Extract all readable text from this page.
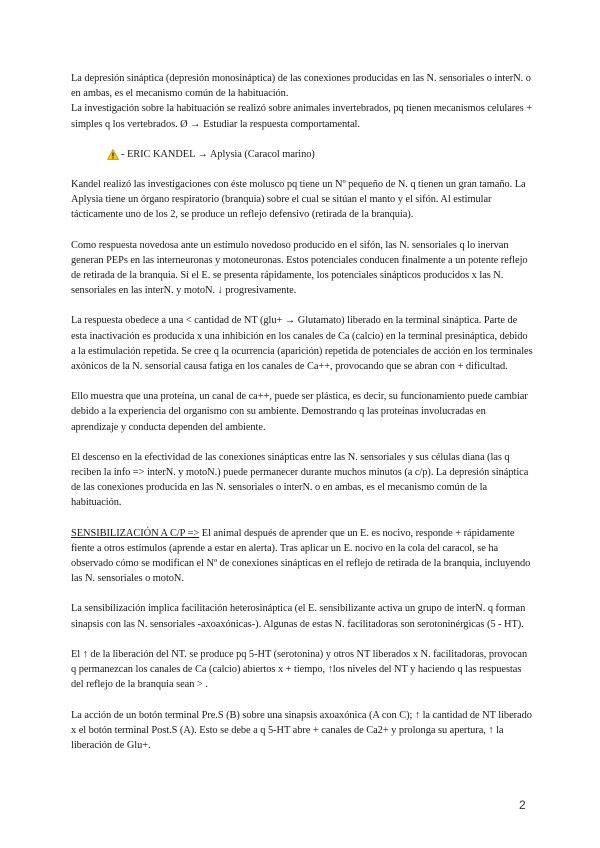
La depresión sináptica (depresión monosináptica) de las conexiones producidas en las N. sensoriales o interN. o en ambas, es el mecanismo común de la habituación.
La investigación sobre la habituación se realizó sobre animales invertebrados, pq tienen mecanismos celulares + simples q los vertebrados. Ø → Estudiar la respuesta comportamental.

- ERIC KANDEL → Aplysia (Caracol marino)

Kandel realizó las investigaciones con éste molusco pq tiene un Nº pequeño de N. q tienen un gran tamaño. La Aplysia tiene un órgano respiratorio (branquia) sobre el cual se sitúan el manto y el sifón. Al estimular tácticamente uno de los 2, se produce un reflejo defensivo (retirada de la branquia).

Como respuesta novedosa ante un estímulo novedoso producido en el sifón, las N. sensoriales q lo inervan generan PEPs en las interneuronas y motoneuronas. Estos potenciales conducen finalmente a un potente reflejo de retirada de la branquia. Si el E. se presenta rápidamente, los potenciales sinápticos producidos x las N. sensoriales en las interN. y motoN. ↓ progresivamente.

La respuesta obedece a una < cantidad de NT (glu+ → Glutamato) liberado en la terminal sináptica. Parte de esta inactivación es producida x una inhibición en los canales de Ca (calcio) en la terminal presináptica, debido a la estimulación repetida. Se cree q la ocurrencia (aparición) repetida de potenciales de acción en los terminales axónicos de la N. sensorial causa fatiga en los canales de Ca++, provocando que se abran con + dificultad.

Ello muestra que una proteína, un canal de ca++, puede ser plástica, es decir, su funcionamiento puede cambiar debido a la experiencia del organismo con su ambiente. Demostrando q las proteínas involucradas en aprendizaje y conducta dependen del ambiente.

El descenso en la efectividad de las conexiones sinápticas entre las N. sensoriales y sus células diana (las q reciben la info => interN. y motoN.) puede permanecer durante muchos minutos (a c/p). La depresión sináptica de las conexiones producida en las N. sensoriales o interN. o en ambas, es el mecanismo común de la habituación.

SENSIBILIZACIÓN A C/P => El animal después de aprender que un E. es nocivo, responde + rápidamente fiente a otros estímulos (aprende a estar en alerta). Tras aplicar un E. nocivo en la cola del caracol, se ha observado cómo se modifican el Nº de conexiones sinápticas en el reflejo de retirada de la branquia, incluyendo las N. sensoriales o motoN.

La sensibilización implica facilitación heterosináptica (el E. sensibilizante activa un grupo de interN. q forman sinapsis con las N. sensoriales -axoaxónicas-). Algunas de estas N. facilitadoras son serotoninérgicas (5 - HT).

El ↑ de la liberación del NT. se produce pq 5-HT (serotonina) y otros NT liberados x N. facilitadoras, provocan q permanezcan los canales de Ca (calcio) abiertos x + tiempo, ↑los niveles del NT y haciendo q las respuestas del reflejo de la branquia sean > .

La acción de un botón terminal Pre.S (B) sobre una sinapsis axoaxónica (A con C); ↑ la cantidad de NT liberado x el botón terminal Post.S (A). Esto se debe a q 5-HT abre + canales de Ca2+ y prolonga su apertura, ↑ la liberación de Glu+.

2
